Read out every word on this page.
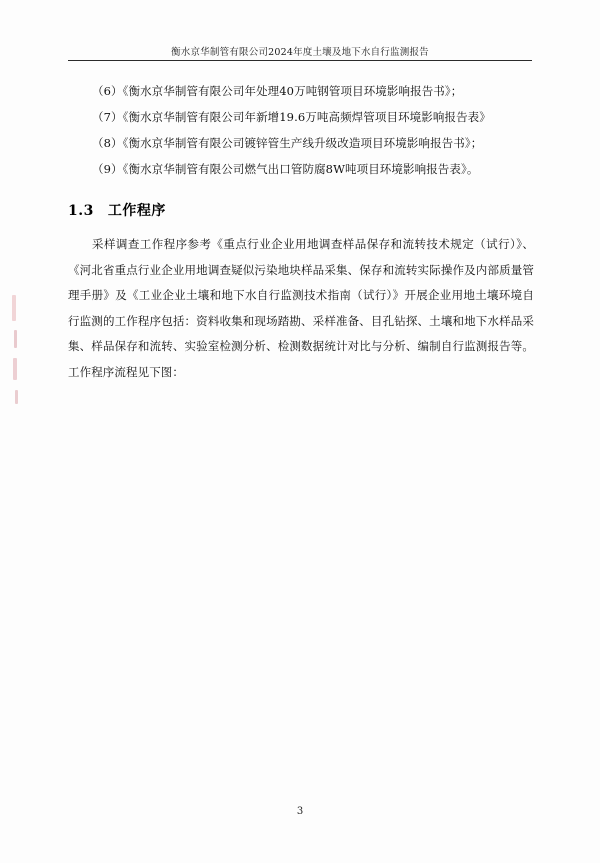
衡水京华制管有限公司2024年度土壤及地下水自行监测报告
（6）《衡水京华制管有限公司年处理40万吨钢管项目环境影响报告书》；
（7）《衡水京华制管有限公司年新增19.6万吨高频焊管项目环境影响报告表》
（8）《衡水京华制管有限公司镀锌管生产线升级改造项目环境影响报告书》；
（9）《衡水京华制管有限公司燃气出口管防腐8W吨项目环境影响报告表》。
1.3 工作程序
采样调查工作程序参考《重点行业企业用地调查样品保存和流转技术规定（试行）》、《河北省重点行业企业用地调查疑似污染地块样品采集、保存和流转实际操作及内部质量管理手册》及《工业企业土壤和地下水自行监测技术指南（试行）》开展企业用地土壤环境自行监测的工作程序包括：资料收集和现场踏勘、采样准备、目孔钻探、土壤和地下水样品采集、样品保存和流转、实验室检测分析、检测数据统计对比与分析、编制自行监测报告等。工作程序流程见下图：
3
